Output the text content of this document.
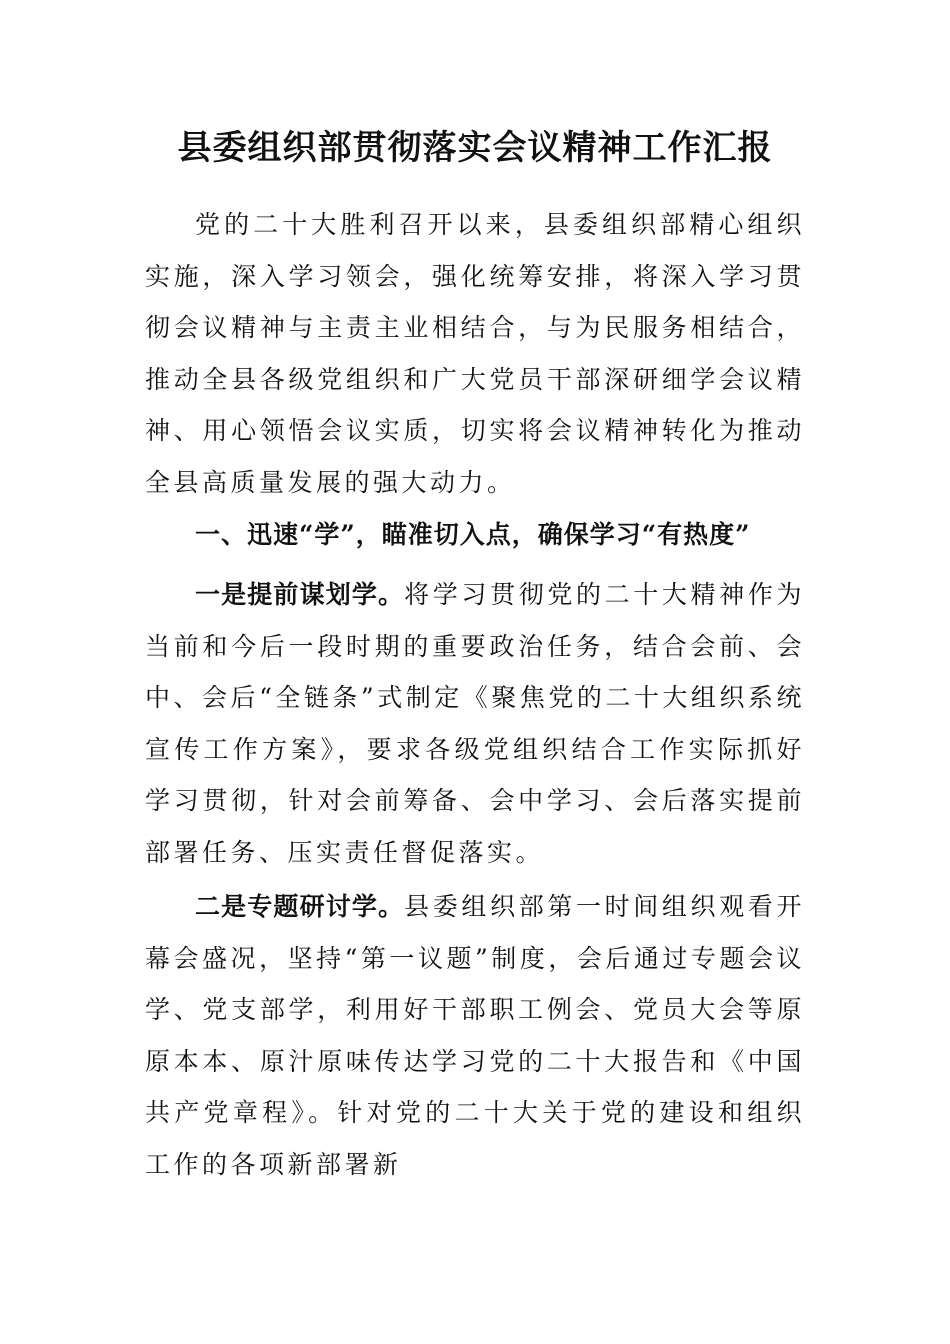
县委组织部贯彻落实会议精神工作汇报

党的二十大胜利召开以来，县委组织部精心组织实施，深入学习领会，强化统筹安排，将深入学习贯彻会议精神与主责主业相结合，与为民服务相结合，推动全县各级党组织和广大党员干部深研细学会议精神、用心领悟会议实质，切实将会议精神转化为推动全县高质量发展的强大动力。

一、迅速“学”，瞄准切入点，确保学习“有热度”

一是提前谋划学。将学习贯彻党的二十大精神作为当前和今后一段时期的重要政治任务，结合会前、会中、会后“全链条”式制定《聚焦党的二十大组织系统宣传工作方案》，要求各级党组织结合工作实际抓好学习贯彻，针对会前筹备、会中学习、会后落实提前部署任务、压实责任督促落实。

二是专题研讨学。县委组织部第一时间组织观看开幕会盛况，坚持“第一议题”制度，会后通过专题会议学、党支部学，利用好干部职工例会、党员大会等原原本本、原汁原味传达学习党的二十大报告和《中国共产党章程》。针对党的二十大关于党的建设和组织工作的各项新部署新
